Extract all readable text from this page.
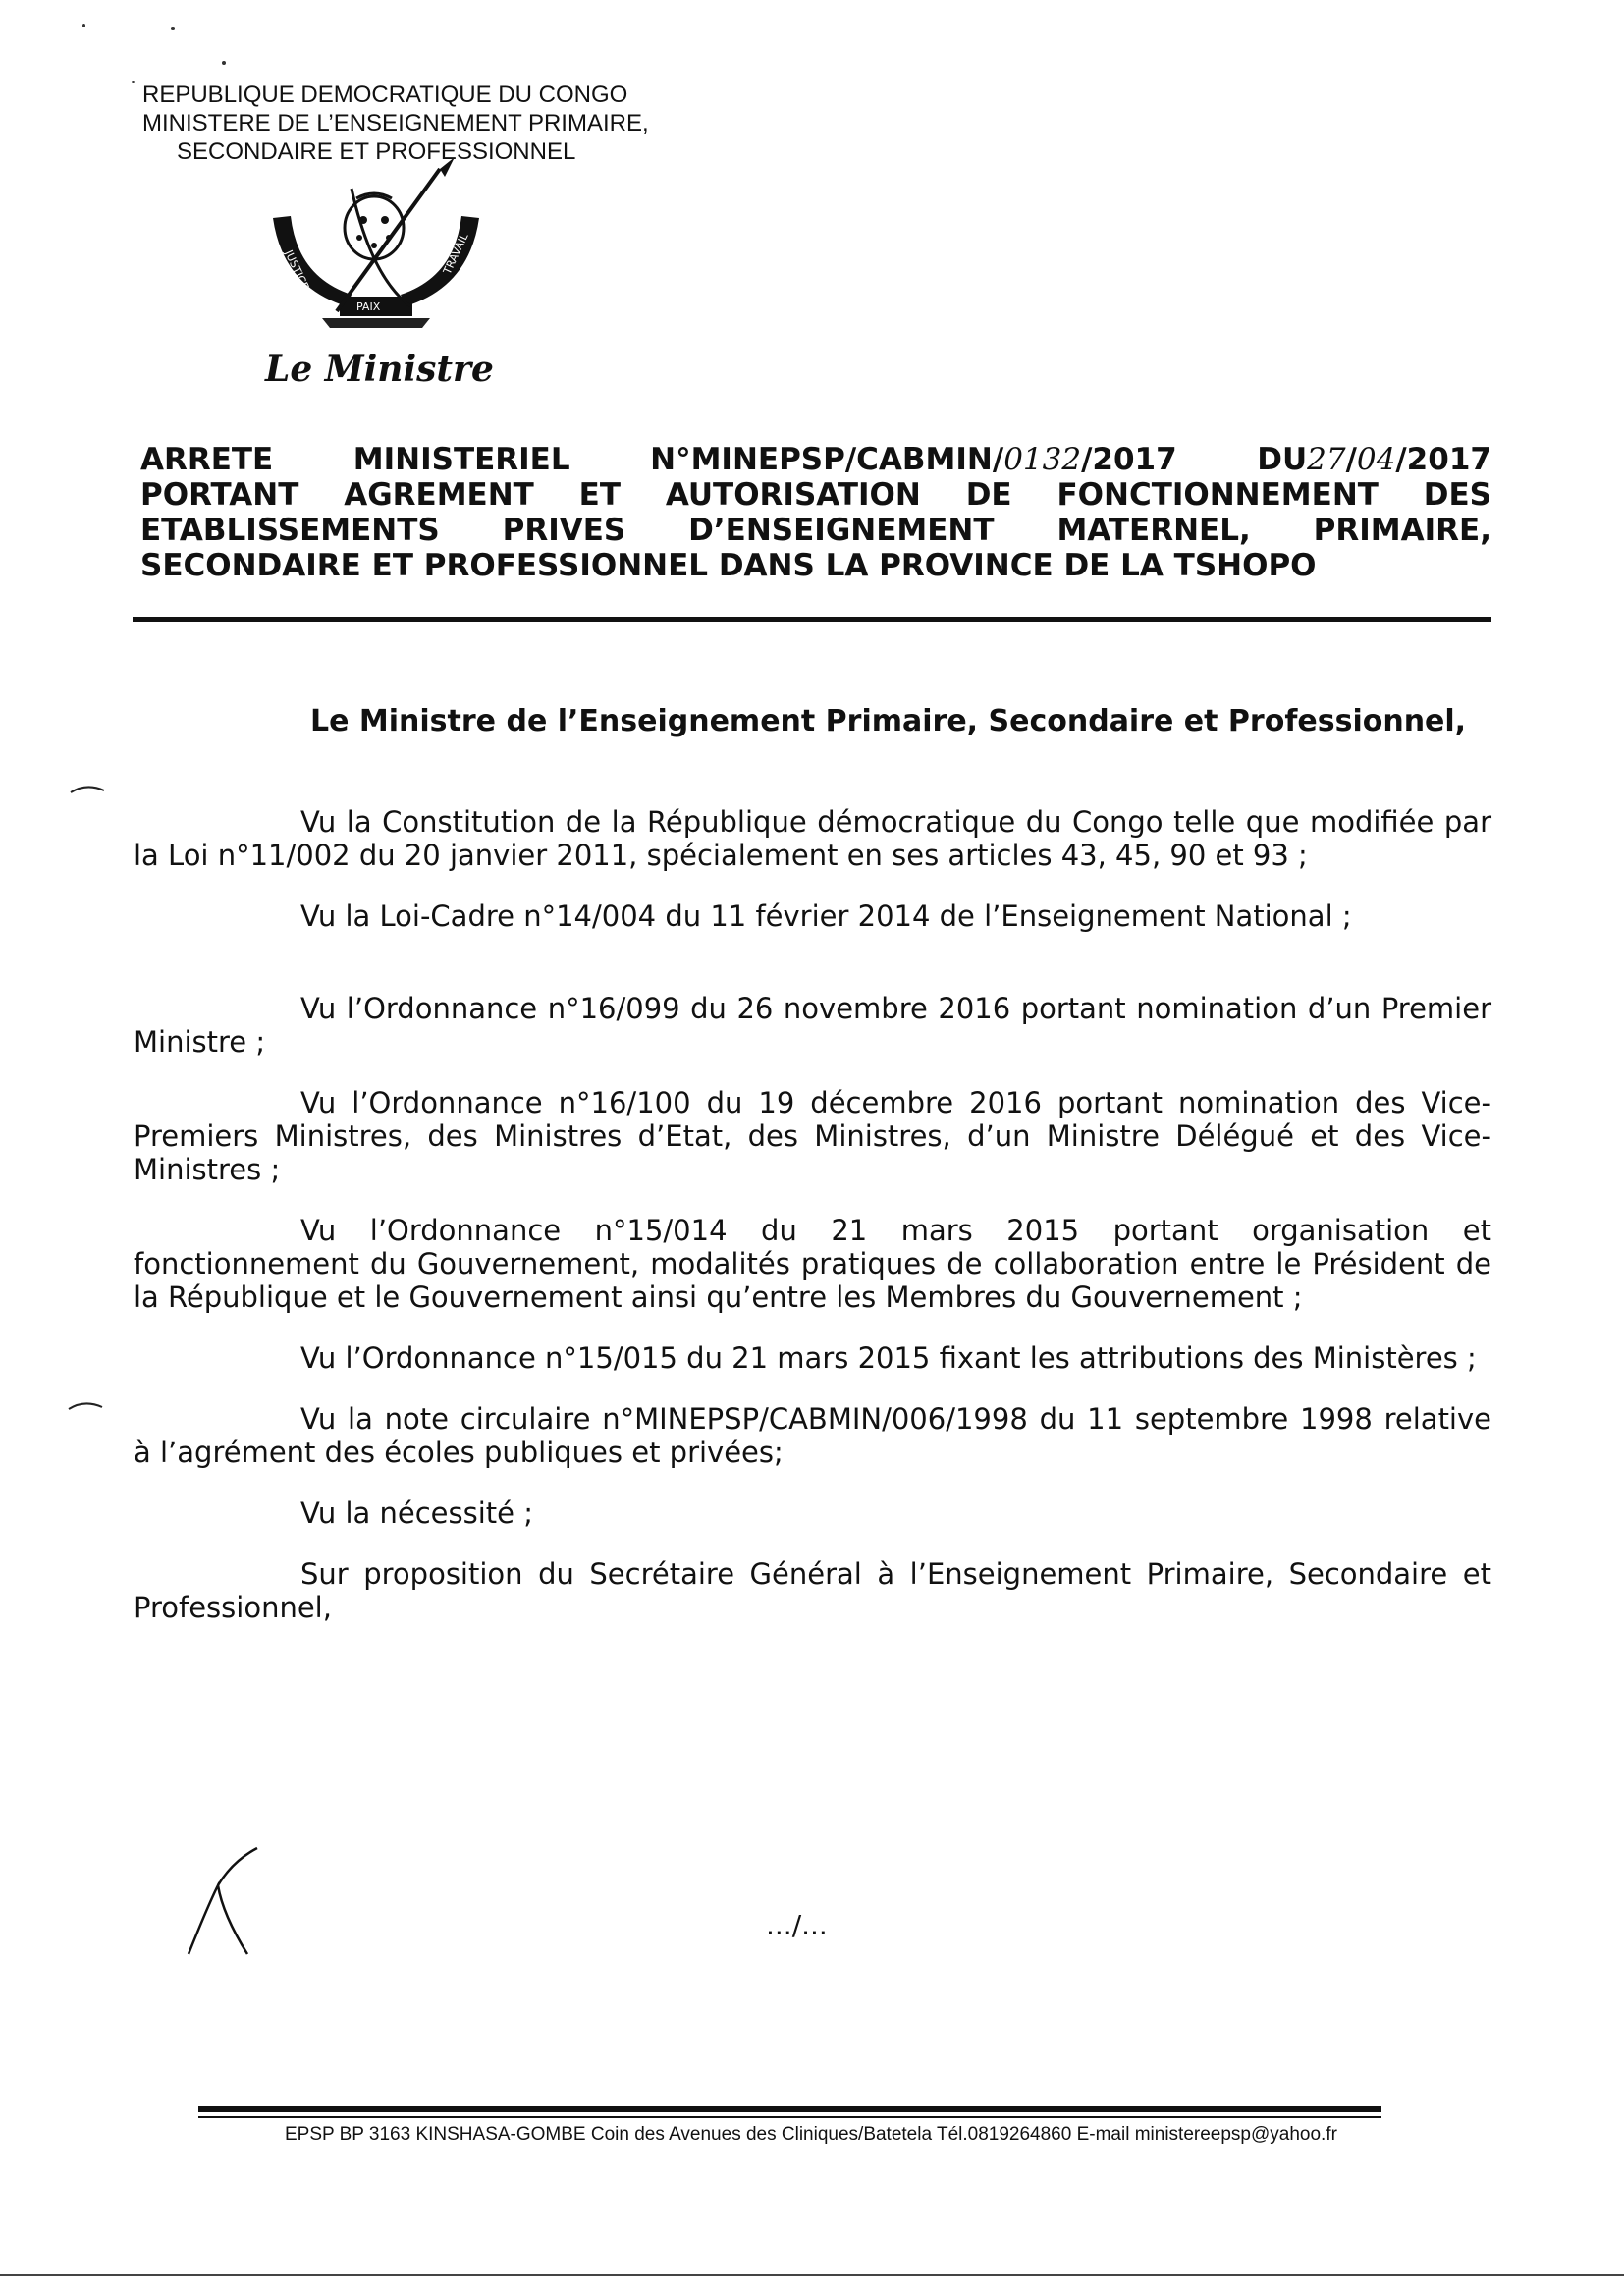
REPUBLIQUE DEMOCRATIQUE DU CONGO
MINISTERE DE L’ENSEIGNEMENT PRIMAIRE,
SECONDAIRE ET PROFESSIONNEL
JUSTICE
PAIX
TRAVAIL
Le Ministre
ARRETE	MINISTERIEL	N°MINEPSP/CABMIN/0132/2017	DU27/04/2017
PORTANT AGREMENT ET AUTORISATION DE FONCTIONNEMENT DES
ETABLISSEMENTS PRIVES D’ENSEIGNEMENT MATERNEL, PRIMAIRE,
SECONDAIRE ET PROFESSIONNEL DANS LA PROVINCE DE LA TSHOPO
Le Ministre de l’Enseignement Primaire, Secondaire et Professionnel,

Vu la Constitution de la République démocratique du Congo telle que modifiée par la Loi n°11/002 du 20 janvier 2011, spécialement en ses articles 43, 45, 90 et 93 ;

Vu la Loi-Cadre n°14/004 du 11 février 2014 de l’Enseignement National ;

Vu l’Ordonnance n°16/099 du 26 novembre 2016 portant nomination d’un Premier Ministre ;

Vu l’Ordonnance n°16/100 du 19 décembre 2016 portant nomination des Vice-Premiers Ministres, des Ministres d’Etat, des Ministres, d’un Ministre Délégué et des Vice-Ministres ;

Vu l’Ordonnance n°15/014 du 21 mars 2015 portant organisation et fonctionnement du Gouvernement, modalités pratiques de collaboration entre le Président de la République et le Gouvernement ainsi qu’entre les Membres du Gouvernement ;

Vu l’Ordonnance n°15/015 du 21 mars 2015 fixant les attributions des Ministères ;

Vu la note circulaire n°MINEPSP/CABMIN/006/1998 du 11 septembre 1998 relative à l’agrément des écoles publiques et privées;

Vu la nécessité ;

Sur proposition du Secrétaire Général à l’Enseignement Primaire, Secondaire et Professionnel,

.../...
EPSP BP 3163 KINSHASA-GOMBE Coin des Avenues des Cliniques/Batetela Tél.0819264860 E-mail ministereepsp@yahoo.fr
